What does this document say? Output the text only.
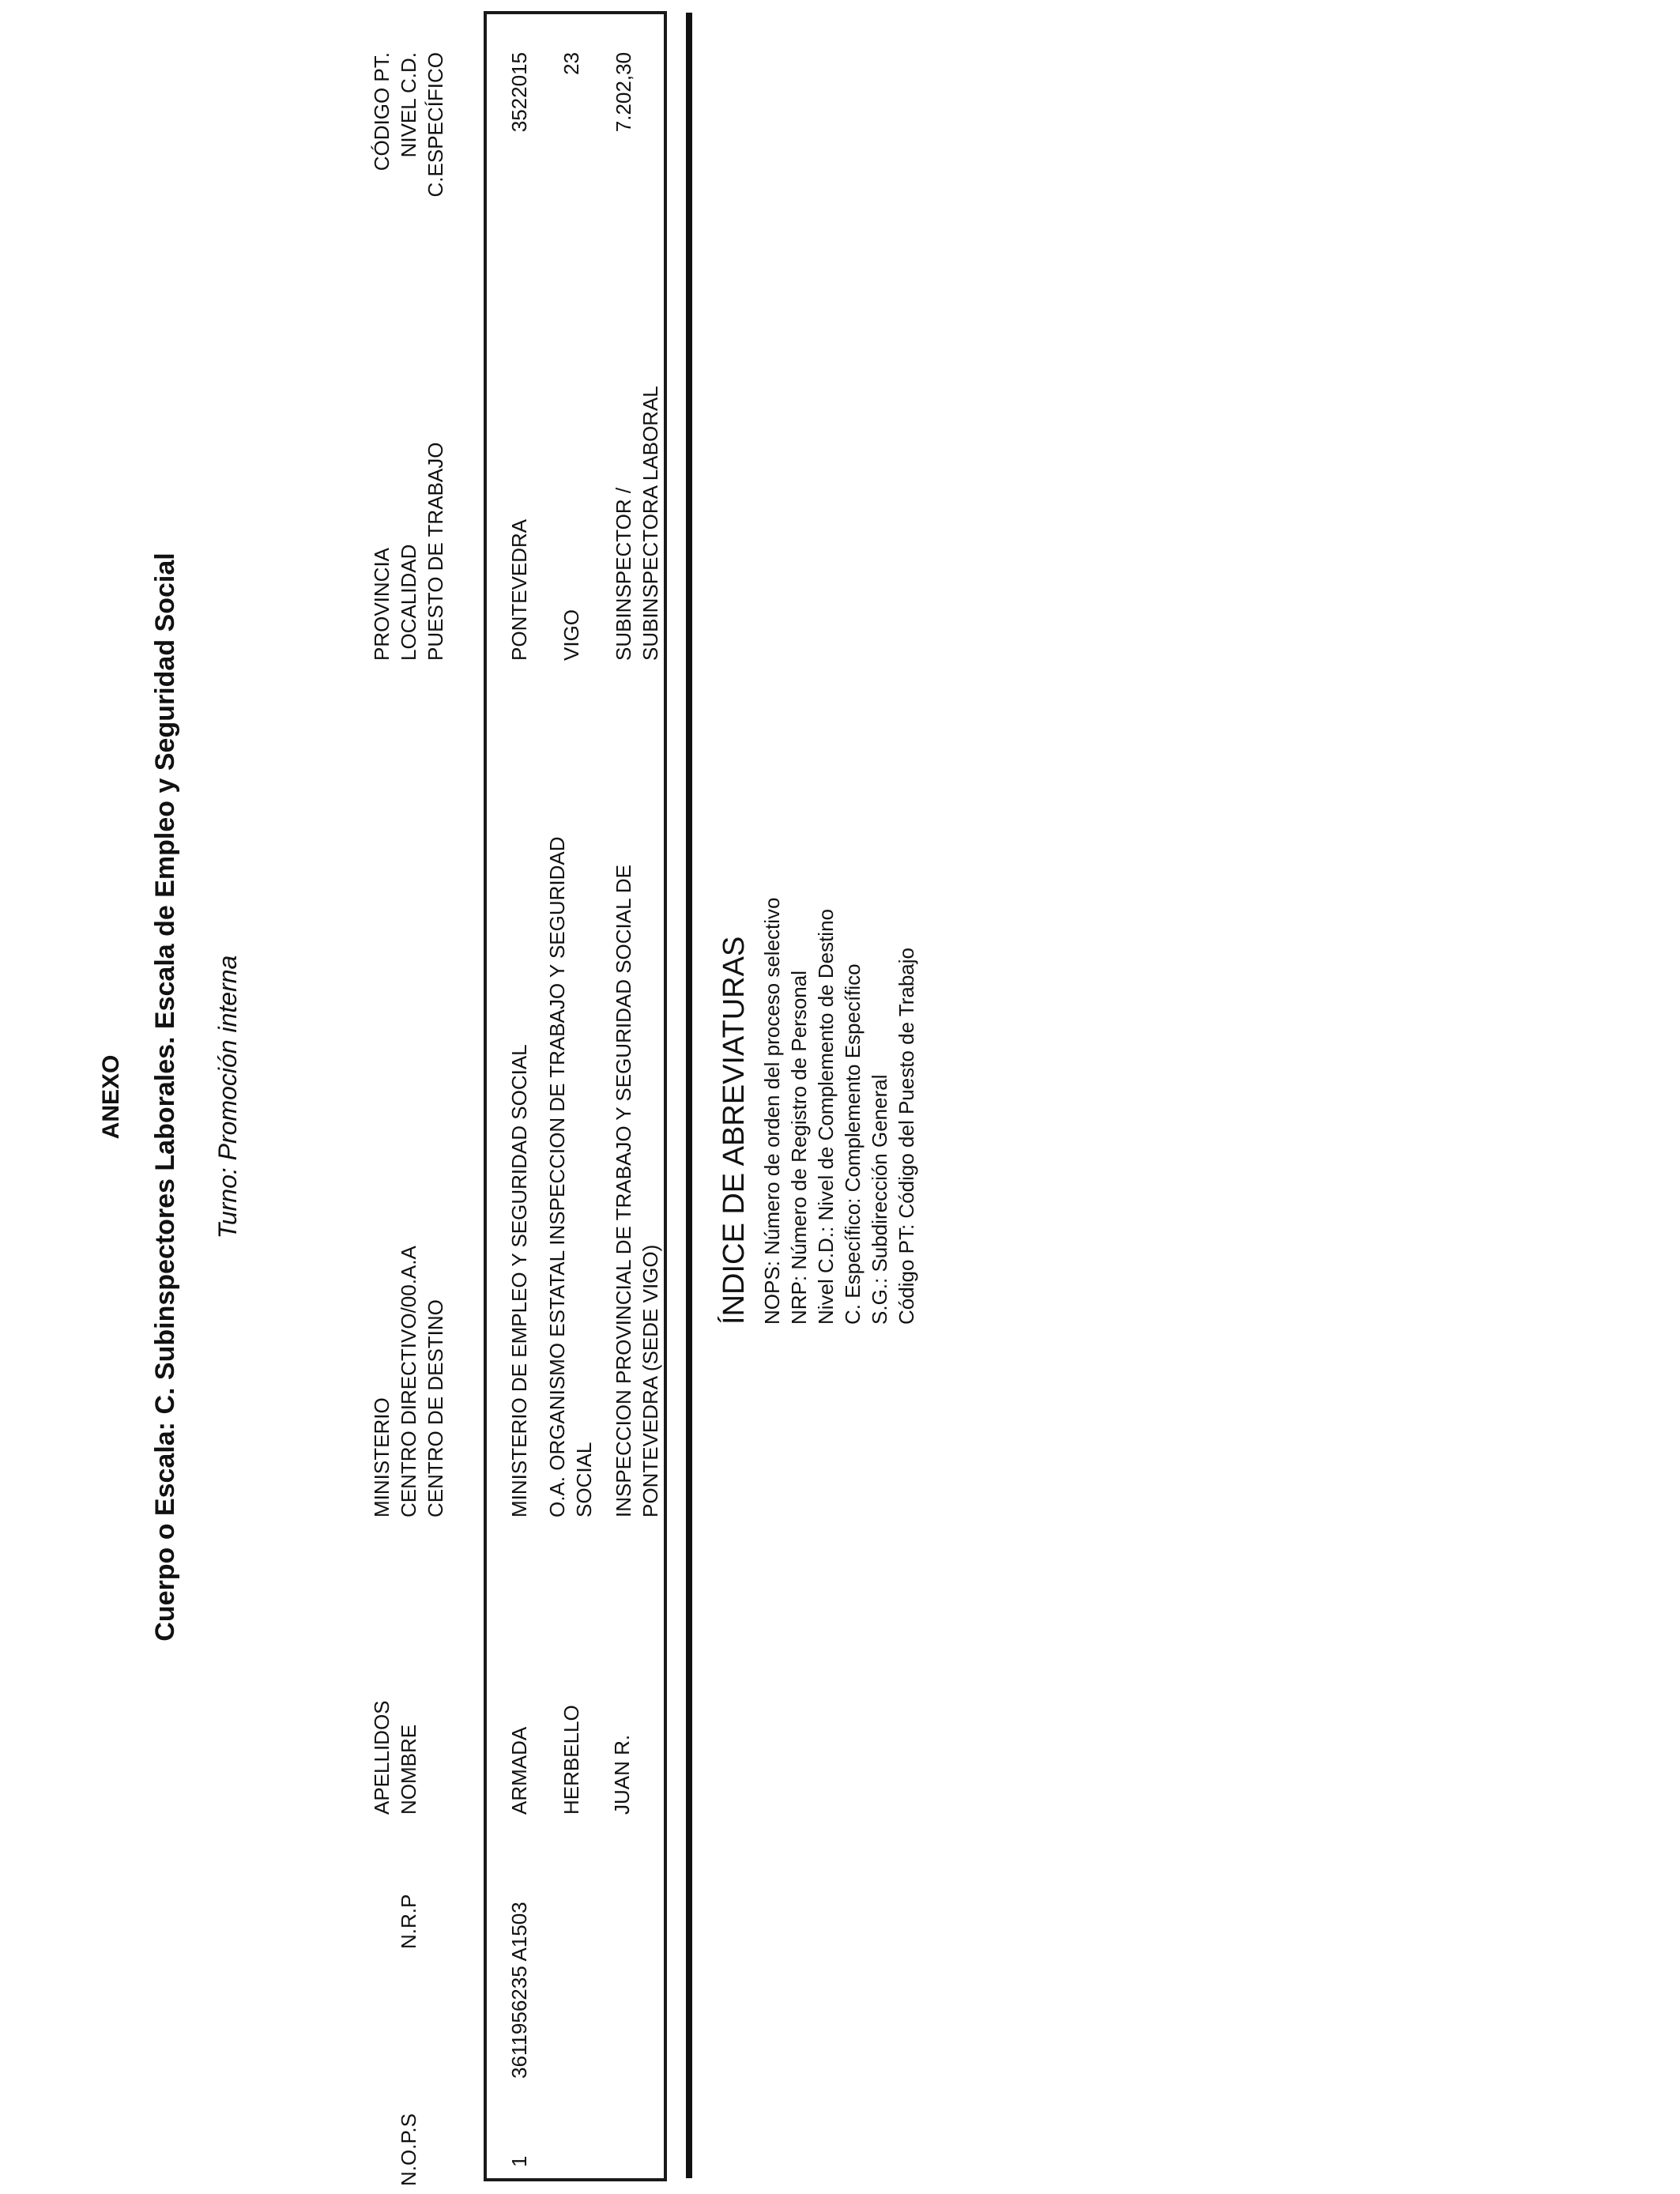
ANEXO Cuerpo o Escala: C. Subinspectores Laborales. Escala de Empleo y Seguridad Social Turno: Promoción interna
N.O.P.S
N.R.P
APELLIDOS NOMBRE
MINISTERIO CENTRO DIRECTIVO/00.A.A CENTRO DE DESTINO
PROVINCIA LOCALIDAD PUESTO DE TRABAJO
CÓDIGO PT. NIVEL C.D. C.ESPECÍFICO
1
3611956235 A1503
ARMADA HERBELLO JUAN R.
MINISTERIO DE EMPLEO Y SEGURIDAD SOCIAL O.A. ORGANISMO ESTATAL INSPECCION DE TRABAJO Y SEGURIDAD SOCIAL INSPECCION PROVINCIAL DE TRABAJO Y SEGURIDAD SOCIAL DE PONTEVEDRA (SEDE VIGO)
PONTEVEDRA VIGO SUBINSPECTOR / SUBINSPECTORA LABORAL
3522015 23 7.202,30
ÍNDICE DE ABREVIATURAS NOPS: Número de orden del proceso selectivo NRP: Número de Registro de Personal Nivel C.D.: Nivel de Complemento de Destino C. Específico: Complemento Específico S.G.: Subdirección General Código PT: Código del Puesto de Trabajo
